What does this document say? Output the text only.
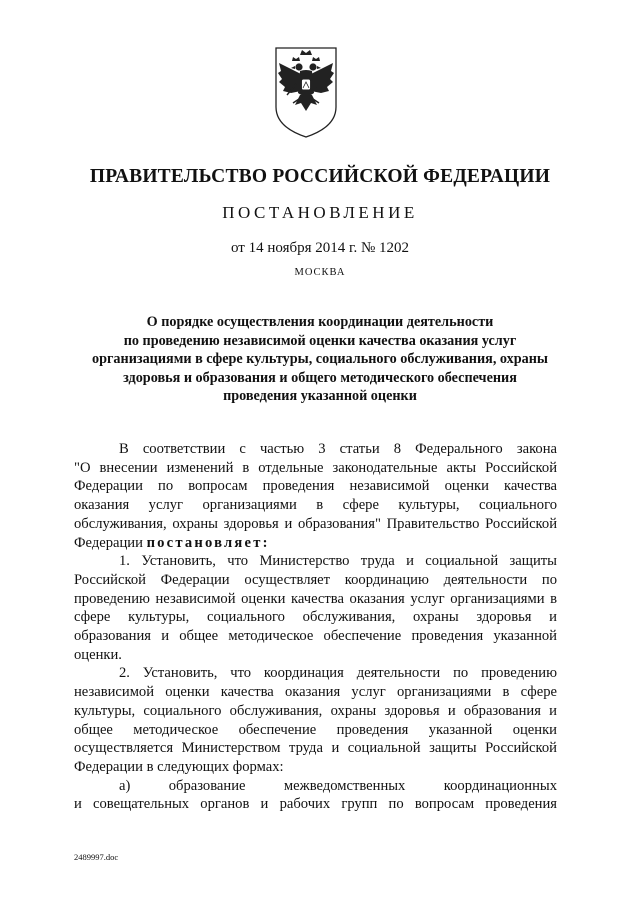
ПРАВИТЕЛЬСТВО РОССИЙСКОЙ ФЕДЕРАЦИИ
ПОСТАНОВЛЕНИЕ
от 14 ноября 2014 г. № 1202
МОСКВА
О порядке осуществления координации деятельности
по проведению независимой оценки качества оказания услуг
организациями в сфере культуры, социального обслуживания, охраны
здоровья и образования и общего методического обеспечения
проведения указанной оценки

В соответствии с частью 3 статьи 8 Федерального закона

"О внесении изменений в отдельные законодательные акты Российской

Федерации по вопросам проведения независимой оценки качества

оказания услуг организациями в сфере культуры, социального

обслуживания, охраны здоровья и образования" Правительство Российской

Федерации постановляет:

1. Установить, что Министерство труда и социальной защиты

Российской Федерации осуществляет координацию деятельности по

проведению независимой оценки качества оказания услуг организациями в

сфере культуры, социального обслуживания, охраны здоровья и

образования и общее методическое обеспечение проведения указанной

оценки.

2. Установить, что координация деятельности по проведению

независимой оценки качества оказания услуг организациями в сфере

культуры, социального обслуживания, охраны здоровья и образования и

общее методическое обеспечение проведения указанной оценки

осуществляется Министерством труда и социальной защиты Российской

Федерации в следующих формах:

а) образование межведомственных координационных

и совещательных органов и рабочих групп по вопросам проведения

2489997.doc
